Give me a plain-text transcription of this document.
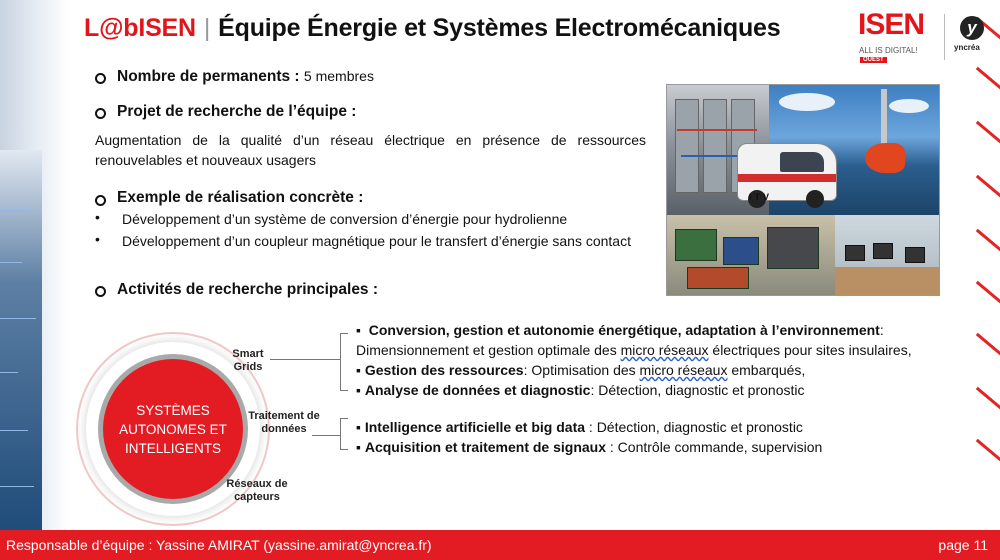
L@bISEN | Équipe Énergie et Systèmes Electromécaniques	ISEN
ALL IS DIGITAL!
OUEST
y
yncréa
Nombre de permanents : 5 membres
Projet de recherche de l’équipe :
Augmentation de la qualité d’un réseau électrique en présence de ressources renouvelables et nouveaux usagers
Exemple de réalisation concrète :
• Développement d’un système de conversion d’énergie pour hydrolienne
• Développement d’un coupleur magnétique pour le transfert d’énergie sans contact
Activités de recherche principales :
ITV
SYSTÈMES AUTONOMES ET INTELLIGENTS
Smart Grids
Traitement de données
Réseaux de capteurs
▪ Conversion, gestion et autonomie énergétique, adaptation à l’environnement:
Dimensionnement et gestion optimale des micro réseaux électriques pour sites insulaires,
▪ Gestion des ressources: Optimisation des micro réseaux embarqués,
▪ Analyse de données et diagnostic: Détection, diagnostic et pronostic
▪ Intelligence artificielle et big data : Détection, diagnostic et pronostic
▪ Acquisition et traitement de signaux : Contrôle commande, supervision
Responsable d’équipe : Yassine AMIRAT (yassine.amirat@yncrea.fr)	page 11
